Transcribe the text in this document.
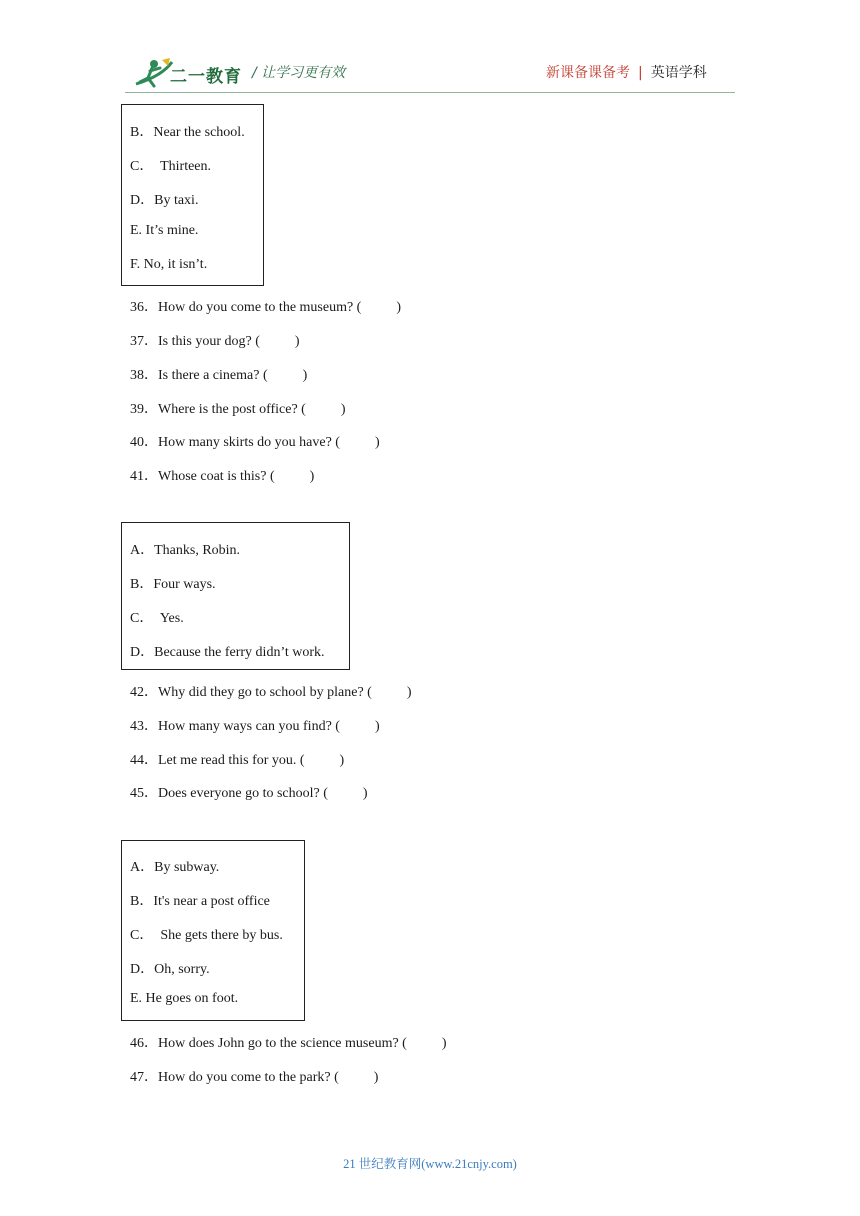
二一教育 / 让学习更有效	新课备课备考 | 英语学科
B．Near the school.
C．  Thirteen.
D．By taxi.
E. It’s mine.
F. No, it isn’t.
36．How do you come to the museum? (          )
37．Is this your dog? (          )
38．Is there a cinema? (          )
39．Where is the post office? (          )
40．How many skirts do you have? (          )
41．Whose coat is this? (          )
A．Thanks, Robin.
B．Four ways.
C．  Yes.
D．Because the ferry didn’t work.
42．Why did they go to school by plane? (          )
43．How many ways can you find? (          )
44．Let me read this for you. (          )
45．Does everyone go to school? (          )
A．By subway.
B．It's near a post office
C．  She gets there by bus.
D．Oh, sorry.
E. He goes on foot.
46．How does John go to the science museum? (          )
47．How do you come to the park? (          )
21 世纪教育网(www.21cnjy.com)
